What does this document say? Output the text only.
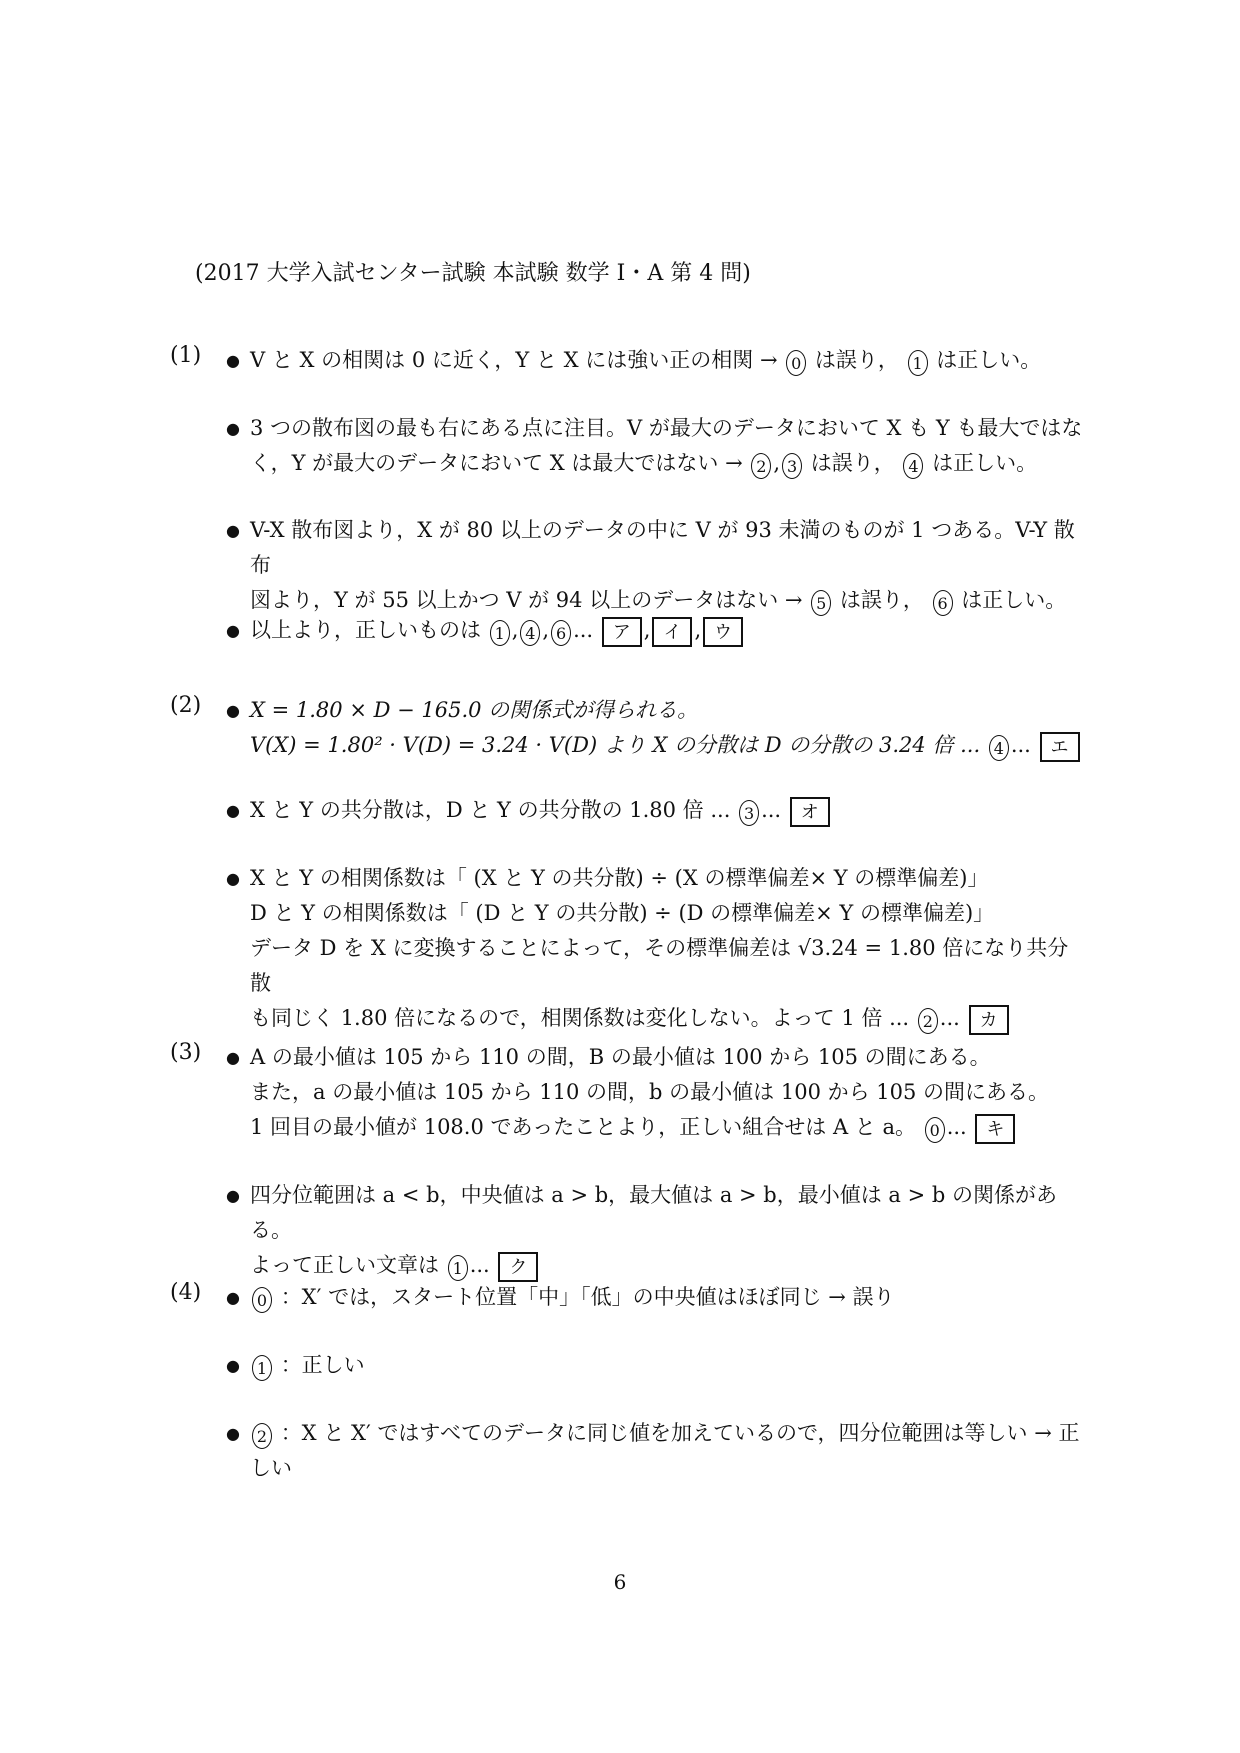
(2017 大学入試センター試験 本試験 数学 I・A 第 4 問)
(1) ● V と X の相関は 0 に近く，Y と X には強い正の相関 → 0 は誤り， 1 は正しい。
● 3 つの散布図の最も右にある点に注目。V が最大のデータにおいて X も Y も最大ではな
く，Y が最大のデータにおいて X は最大ではない → 2 , 3 は誤り， 4 は正しい。
● V-X 散布図より，X が 80 以上のデータの中に V が 93 未満のものが 1 つある。V-Y 散布
図より，Y が 55 以上かつ V が 94 以上のデータはない → 5 は誤り， 6 は正しい。
● 以上より，正しいものは 1 , 4 , 6 ... ア , イ , ウ
(2) ● X = 1.80 × D − 165.0 の関係式が得られる。
V(X) = 1.80² · V(D) = 3.24 · V(D) より X の分散は D の分散の 3.24 倍 ... 4 ... エ
● X と Y の共分散は，D と Y の共分散の 1.80 倍 ... 3 ... オ
● X と Y の相関係数は「 (X と Y の共分散) ÷ (X の標準偏差× Y の標準偏差)」
D と Y の相関係数は「 (D と Y の共分散) ÷ (D の標準偏差× Y の標準偏差)」
データ D を X に変換することによって，その標準偏差は √3.24 = 1.80 倍になり共分散
も同じく 1.80 倍になるので，相関係数は変化しない。よって 1 倍 ... 2 ... カ
(3) ● A の最小値は 105 から 110 の間，B の最小値は 100 から 105 の間にある。
また，a の最小値は 105 から 110 の間，b の最小値は 100 から 105 の間にある。
1 回目の最小値が 108.0 であったことより，正しい組合せは A と a。 0 ... キ
● 四分位範囲は a < b，中央値は a > b，最大値は a > b，最小値は a > b の関係がある。
よって正しい文章は 1 ... ク
(4) ●	0 ：X′ では，スタート位置「中」「低」の中央値はほぼ同じ → 誤り
●	1 ：正しい
●	2 ：X と X′ ではすべてのデータに同じ値を加えているので，四分位範囲は等しい → 正
しい
6
